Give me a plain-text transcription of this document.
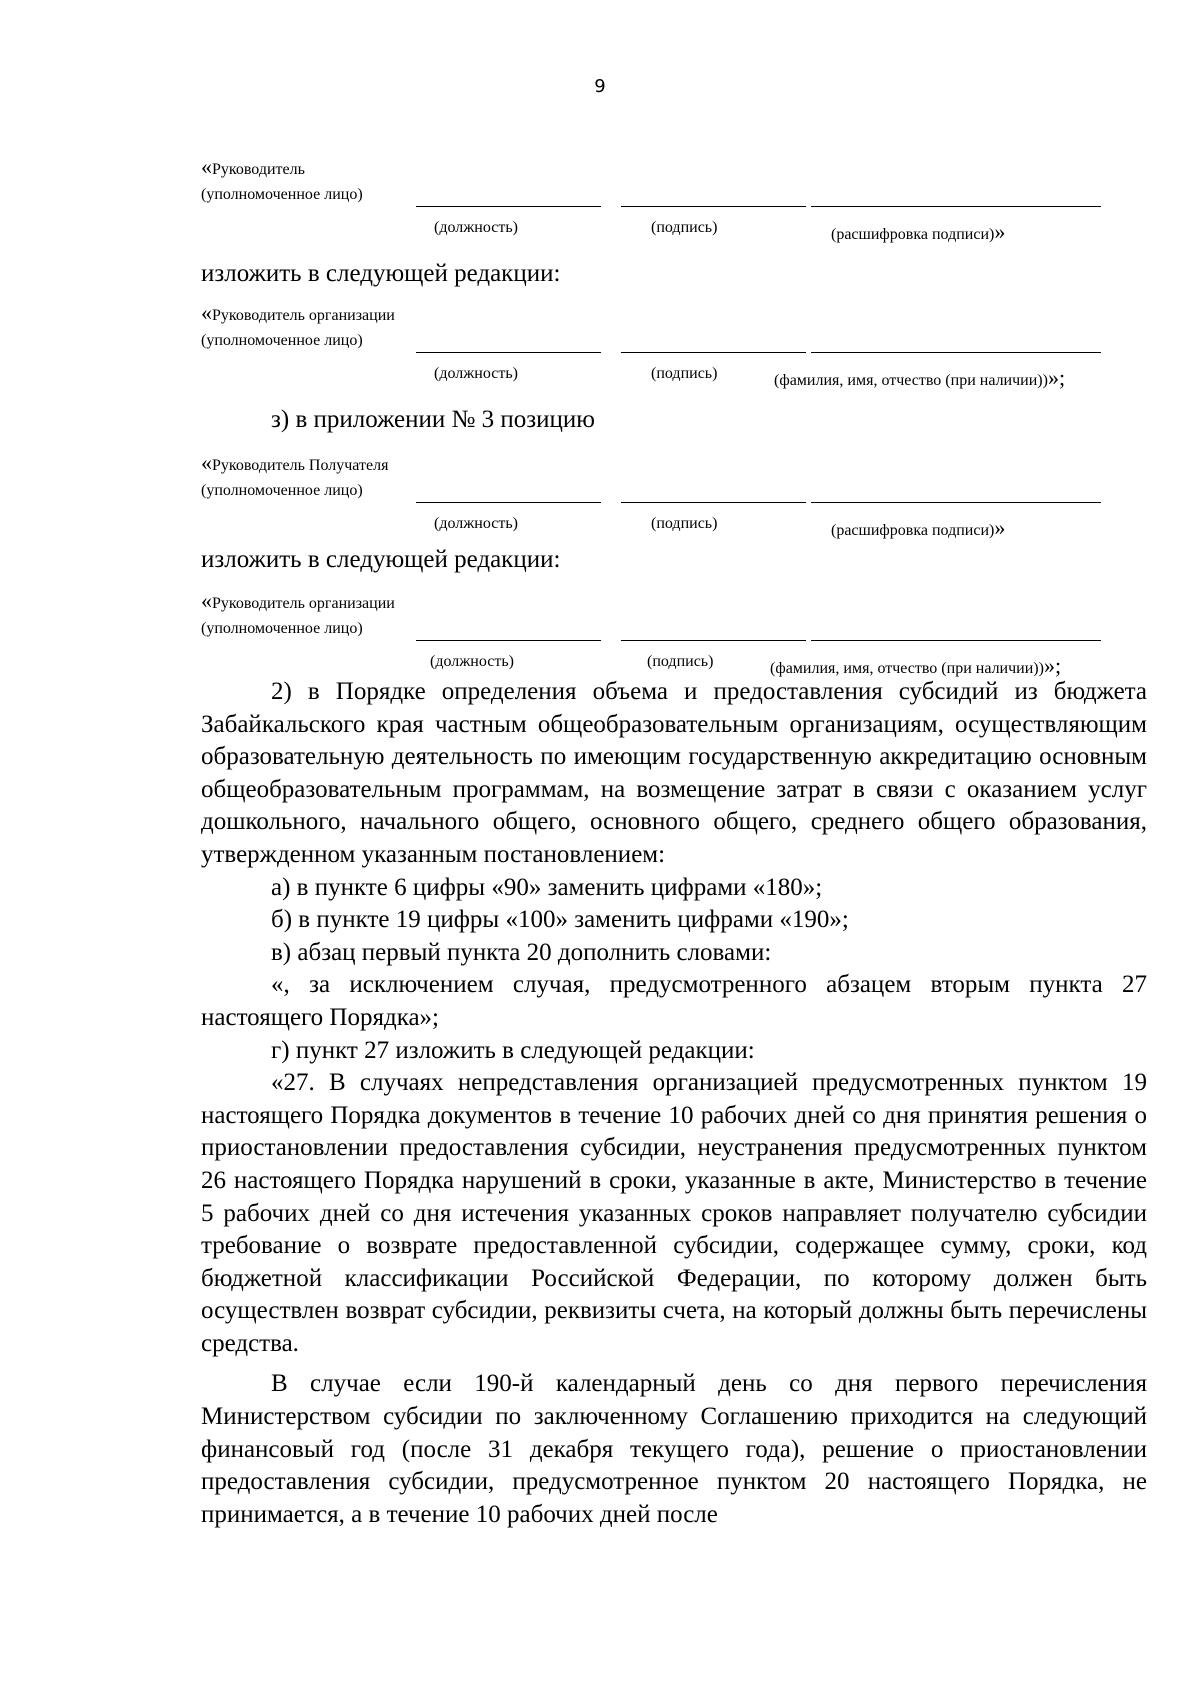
9
«Руководитель
(уполномоченное лицо)
(должность)	(подпись)	(расшифровка подписи)»
изложить в следующей редакции:
«Руководитель организации
(уполномоченное лицо)
(должность)	(подпись)	(фамилия, имя, отчество (при наличии))»;
з) в приложении № 3 позицию
«Руководитель Получателя
(уполномоченное лицо)
(должность)	(подпись)	(расшифровка подписи)»
изложить в следующей редакции:
«Руководитель организации
(уполномоченное лицо)
(должность)	(подпись)	(фамилия, имя, отчество (при наличии))»;

2) в Порядке определения объема и предоставления субсидий из бюджета Забайкальского края частным общеобразовательным организациям, осуществляющим образовательную деятельность по имеющим государственную аккредитацию основным общеобразовательным программам, на возмещение затрат в связи с оказанием услуг дошкольного, начального общего, основного общего, среднего общего образования, утвержденном указанным постановлением:

а) в пункте 6 цифры «90» заменить цифрами «180»;

б) в пункте 19 цифры «100» заменить цифрами «190»;

в) абзац первый пункта 20 дополнить словами:

«, за исключением случая, предусмотренного абзацем вторым пункта 27 настоящего Порядка»;

г) пункт 27 изложить в следующей редакции:

«27. В случаях непредставления организацией предусмотренных пунктом 19 настоящего Порядка документов в течение 10 рабочих дней со дня принятия решения о приостановлении предоставления субсидии, неустранения предусмотренных пунктом 26 настоящего Порядка нарушений в сроки, указанные в акте, Министерство в течение 5 рабочих дней со дня истечения указанных сроков направляет получателю субсидии требование о возврате предоставленной субсидии, содержащее сумму, сроки, код бюджетной классификации Российской Федерации, по которому должен быть осуществлен возврат субсидии, реквизиты счета, на который должны быть перечислены средства.

В случае если 190-й календарный день со дня первого перечисления Министерством субсидии по заключенному Соглашению приходится на следующий финансовый год (после 31 декабря текущего года), решение о приостановлении предоставления субсидии, предусмотренное пунктом 20 настоящего Порядка, не принимается, а в течение 10 рабочих дней после
